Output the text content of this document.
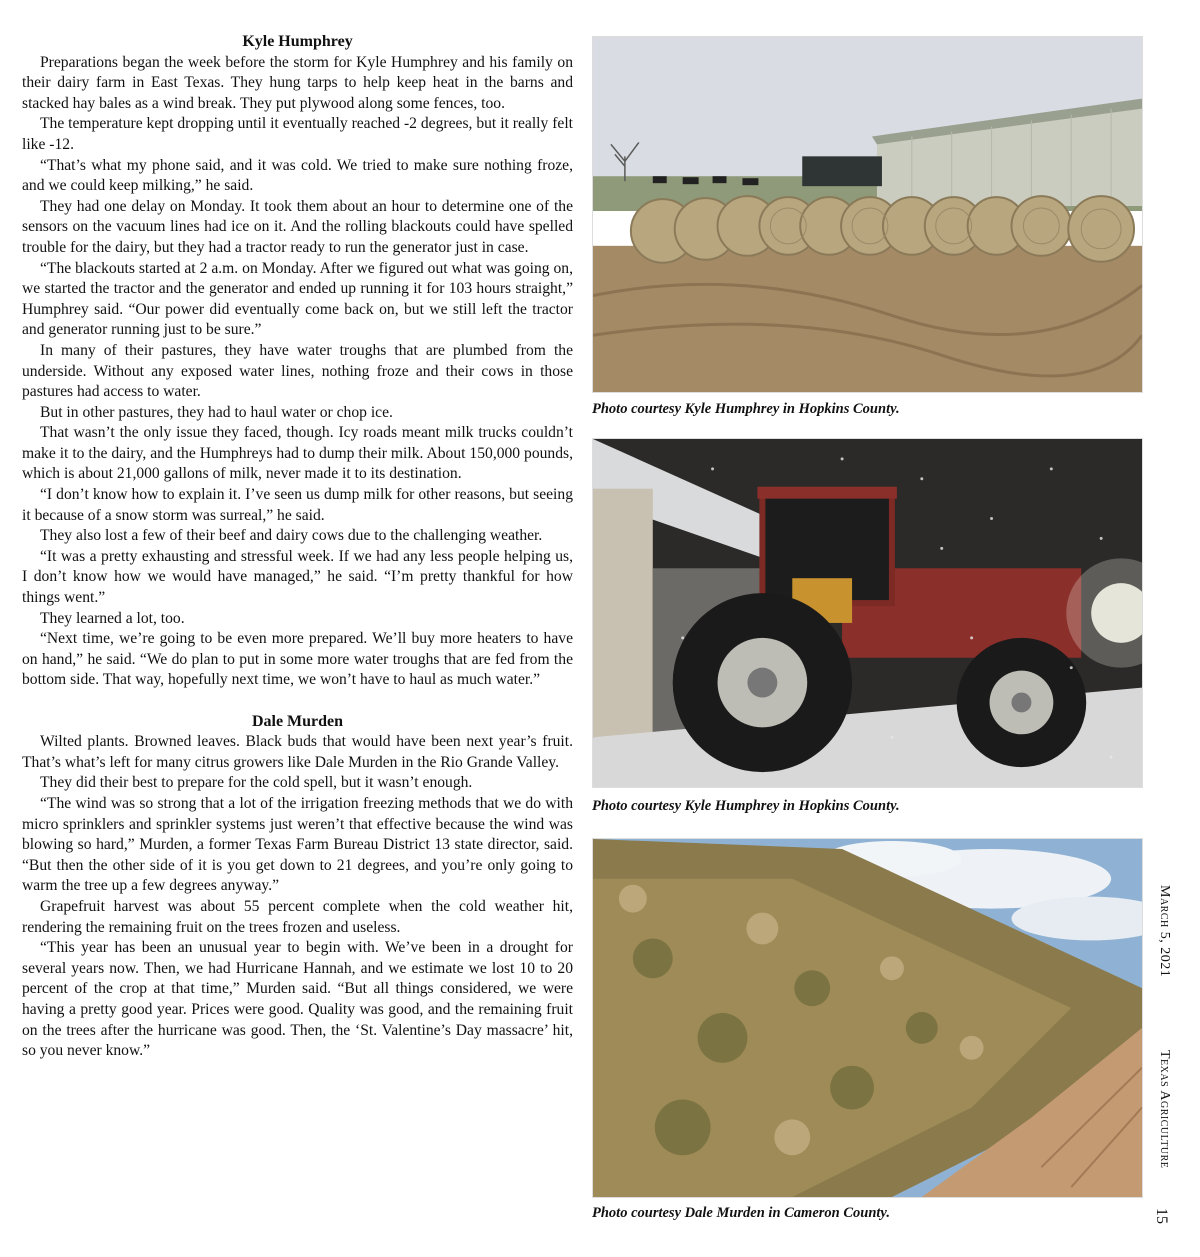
Kyle Humphrey

Preparations began the week before the storm for Kyle Humphrey and his family on their dairy farm in East Texas. They hung tarps to help keep heat in the barns and stacked hay bales as a wind break. They put plywood along some fences, too.

The temperature kept dropping until it eventually reached -2 degrees, but it really felt like -12.

“That’s what my phone said, and it was cold. We tried to make sure nothing froze, and we could keep milking,” he said.

They had one delay on Monday. It took them about an hour to determine one of the sensors on the vacuum lines had ice on it. And the rolling blackouts could have spelled trouble for the dairy, but they had a tractor ready to run the generator just in case.

“The blackouts started at 2 a.m. on Monday. After we figured out what was going on, we started the tractor and the generator and ended up running it for 103 hours straight,” Humphrey said. “Our power did eventually come back on, but we still left the tractor and generator running just to be sure.”

In many of their pastures, they have water troughs that are plumbed from the underside. Without any exposed water lines, nothing froze and their cows in those pastures had access to water.

But in other pastures, they had to haul water or chop ice.

That wasn’t the only issue they faced, though. Icy roads meant milk trucks couldn’t make it to the dairy, and the Humphreys had to dump their milk. About 150,000 pounds, which is about 21,000 gallons of milk, never made it to its destination.

“I don’t know how to explain it. I’ve seen us dump milk for other reasons, but seeing it because of a snow storm was surreal,” he said.

They also lost a few of their beef and dairy cows due to the challenging weather.

“It was a pretty exhausting and stressful week. If we had any less people helping us, I don’t know how we would have managed,” he said. “I’m pretty thankful for how things went.”

They learned a lot, too.

“Next time, we’re going to be even more prepared. We’ll buy more heaters to have on hand,” he said. “We do plan to put in some more water troughs that are fed from the bottom side. That way, hopefully next time, we won’t have to haul as much water.”

Dale Murden

Wilted plants. Browned leaves. Black buds that would have been next year’s fruit. That’s what’s left for many citrus growers like Dale Murden in the Rio Grande Valley.

They did their best to prepare for the cold spell, but it wasn’t enough.

“The wind was so strong that a lot of the irrigation freezing methods that we do with micro sprinklers and sprinkler systems just weren’t that effective because the wind was blowing so hard,” Murden, a former Texas Farm Bureau District 13 state director, said. “But then the other side of it is you get down to 21 degrees, and you’re only going to warm the tree up a few degrees anyway.”

Grapefruit harvest was about 55 percent complete when the cold weather hit, rendering the remaining fruit on the trees frozen and useless.

“This year has been an unusual year to begin with. We’ve been in a drought for several years now. Then, we had Hurricane Hannah, and we estimate we lost 10 to 20 percent of the crop at that time,” Murden said. “But all things considered, we were having a pretty good year. Prices were good. Quality was good, and the remaining fruit on the trees after the hurricane was good. Then, the ‘St. Valentine’s Day massacre’ hit, so you never know.”

Photo courtesy Kyle Humphrey in Hopkins County.
Photo courtesy Kyle Humphrey in Hopkins County.
Photo courtesy Dale Murden in Cameron County.
March 5, 2021
Texas Agriculture
15
